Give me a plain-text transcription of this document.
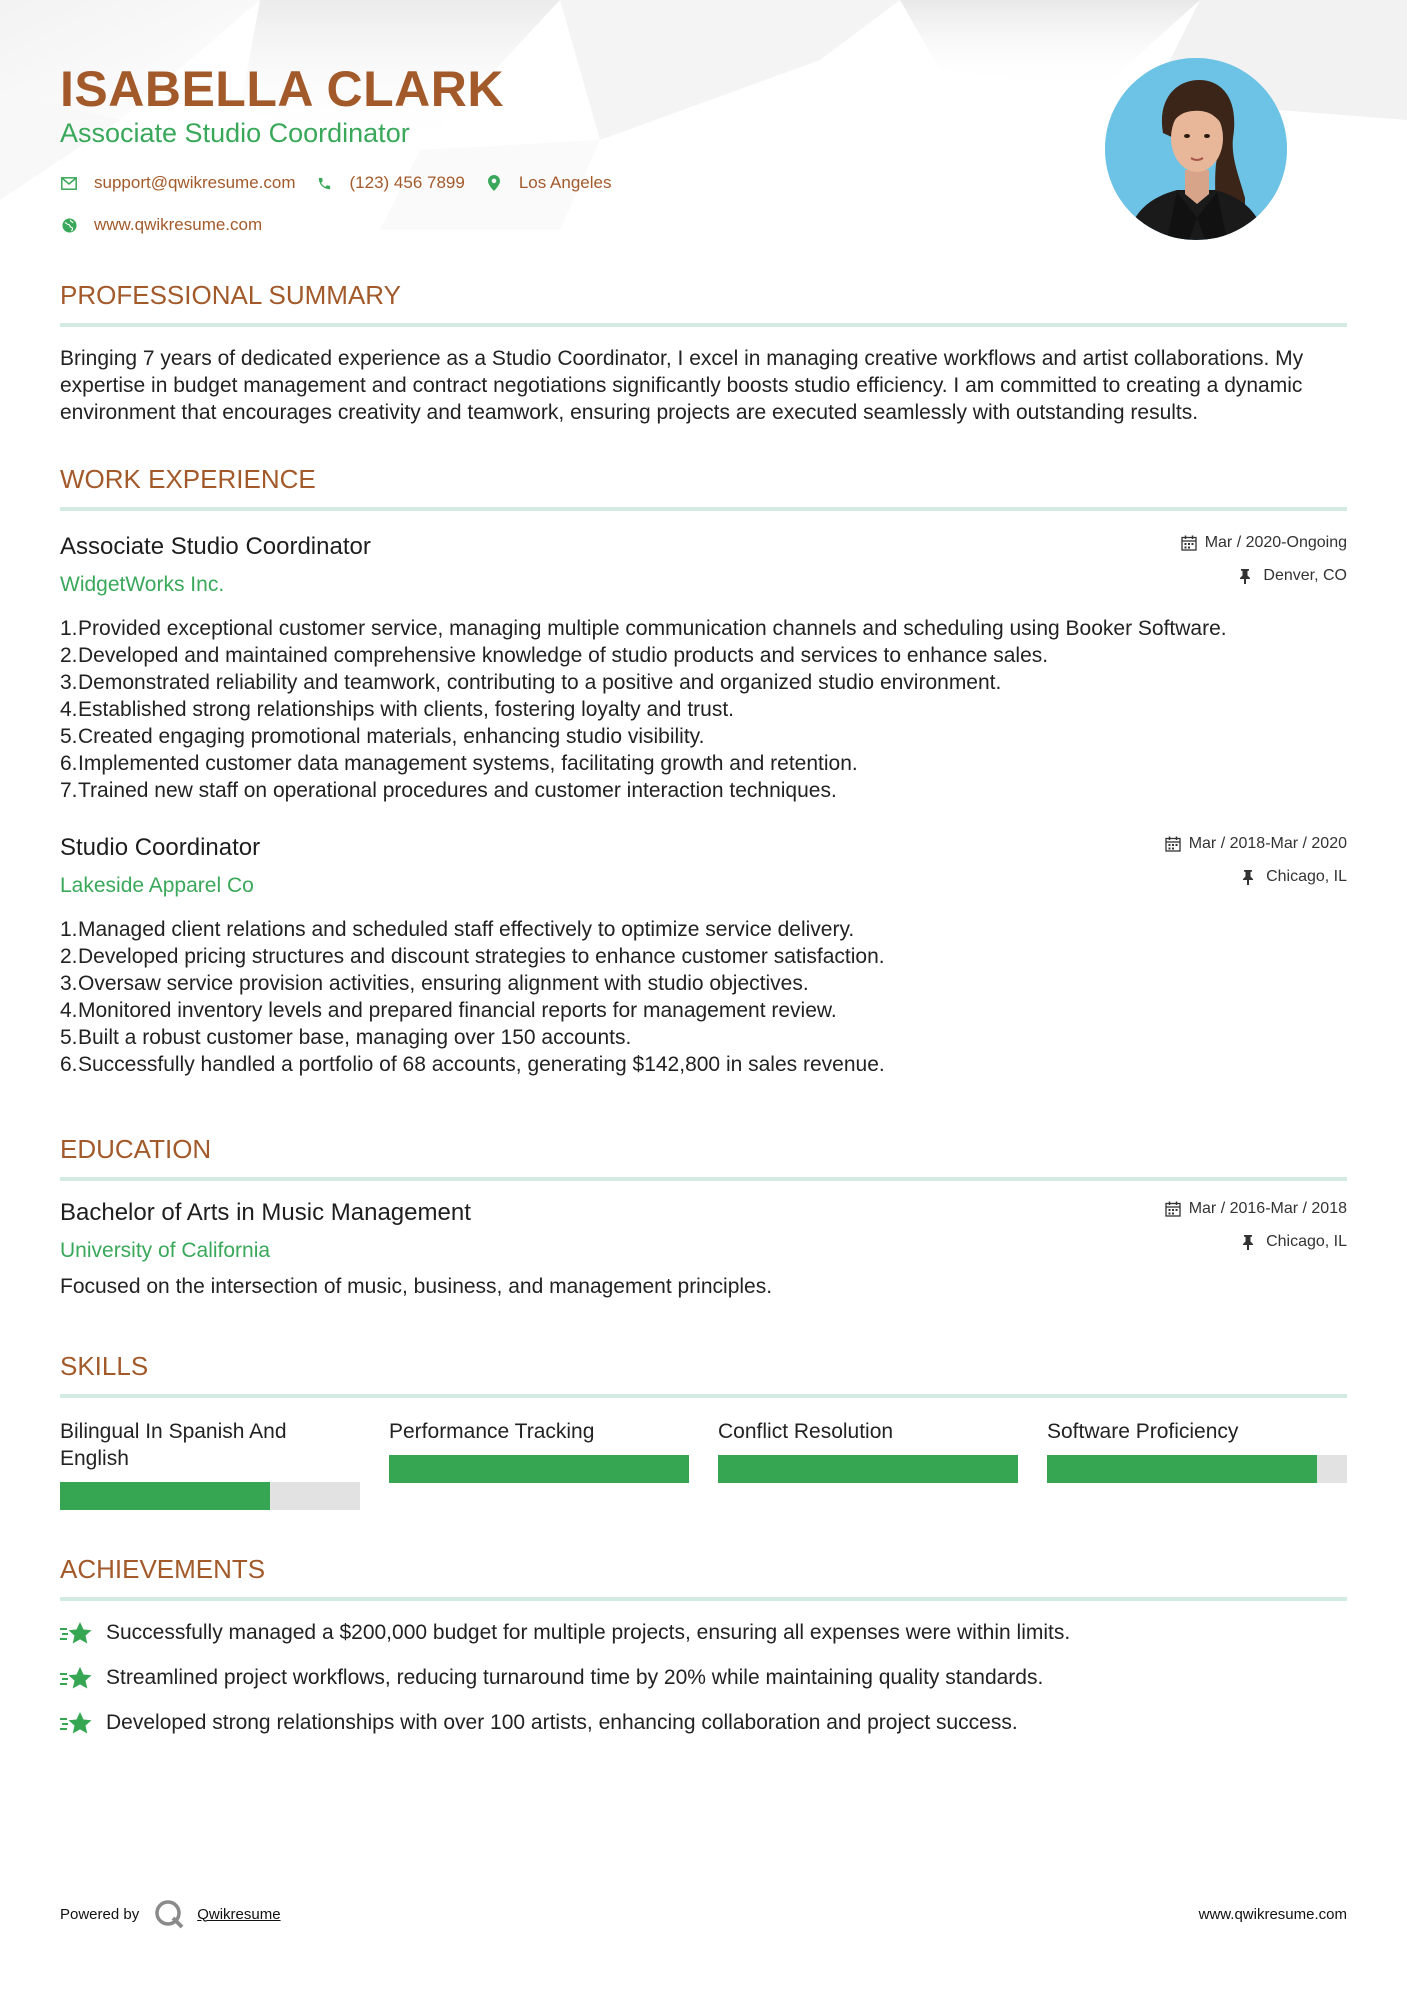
ISABELLA CLARK
Associate Studio Coordinator
support@qwikresume.com	(123) 456 7899	Los Angeles
www.qwikresume.com
PROFESSIONAL SUMMARY
Bringing 7 years of dedicated experience as a Studio Coordinator, I excel in managing creative workflows and artist collaborations. My expertise in budget management and contract negotiations significantly boosts studio efficiency. I am committed to creating a dynamic environment that encourages creativity and teamwork, ensuring projects are executed seamlessly with outstanding results.
WORK EXPERIENCE
Associate Studio Coordinator
WidgetWorks Inc.
Mar / 2020-Ongoing
Denver, CO
1. Provided exceptional customer service, managing multiple communication channels and scheduling using Booker Software.
2. Developed and maintained comprehensive knowledge of studio products and services to enhance sales.
3. Demonstrated reliability and teamwork, contributing to a positive and organized studio environment.
4. Established strong relationships with clients, fostering loyalty and trust.
5. Created engaging promotional materials, enhancing studio visibility.
6. Implemented customer data management systems, facilitating growth and retention.
7. Trained new staff on operational procedures and customer interaction techniques.
Studio Coordinator
Lakeside Apparel Co
Mar / 2018-Mar / 2020
Chicago, IL
1. Managed client relations and scheduled staff effectively to optimize service delivery.
2. Developed pricing structures and discount strategies to enhance customer satisfaction.
3. Oversaw service provision activities, ensuring alignment with studio objectives.
4. Monitored inventory levels and prepared financial reports for management review.
5. Built a robust customer base, managing over 150 accounts.
6. Successfully handled a portfolio of 68 accounts, generating $142,800 in sales revenue.
EDUCATION
Bachelor of Arts in Music Management
University of California
Mar / 2016-Mar / 2018
Chicago, IL
Focused on the intersection of music, business, and management principles.
SKILLS
Bilingual In Spanish And English
Performance Tracking	Conflict Resolution	Software Proficiency
ACHIEVEMENTS
Successfully managed a $200,000 budget for multiple projects, ensuring all expenses were within limits.
Streamlined project workflows, reducing turnaround time by 20% while maintaining quality standards.
Developed strong relationships with over 100 artists, enhancing collaboration and project success.
Powered by	Qwikresume	www.qwikresume.com
